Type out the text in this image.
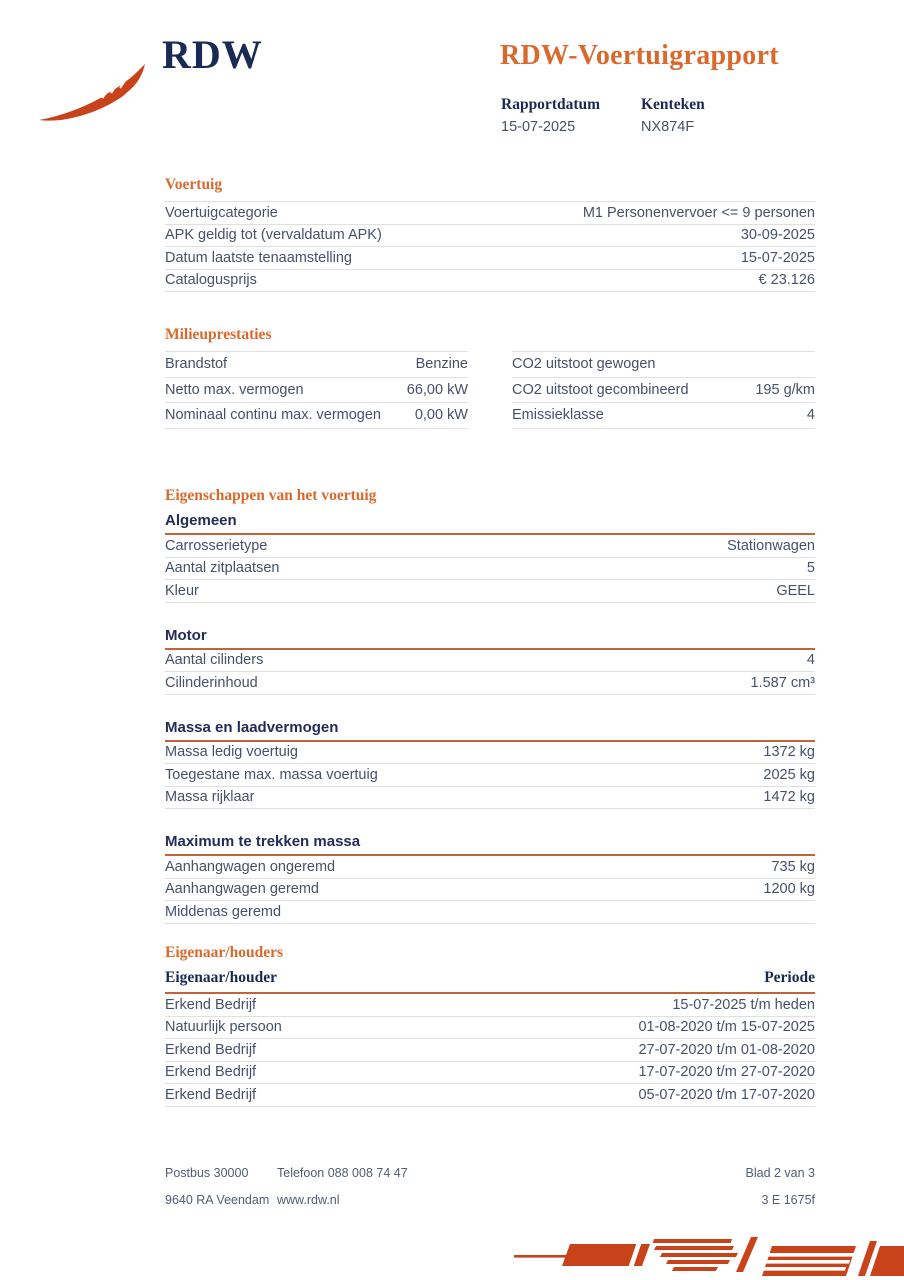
RDW	RDW-Voertuigrapport
Rapportdatum
15-07-2025
Kenteken
NX874F
Voertuig
Voertuigcategorie	M1 Personenvervoer <= 9 personen
APK geldig tot (vervaldatum APK)	30-09-2025
Datum laatste tenaamstelling	15-07-2025
Catalogusprijs	€ 23.126
Milieuprestaties
Brandstof	Benzine
Netto max. vermogen	66,00 kW
Nominaal continu max. vermogen 0,00 kW
CO2 uitstoot gewogen
CO2 uitstoot gecombineerd	195 g/km
Emissieklasse	4
Eigenschappen van het voertuig
Algemeen
Carrosserietype	Stationwagen
Aantal zitplaatsen	5
Kleur	GEEL
Motor
Aantal cilinders	4
Cilinderinhoud	1.587 cm³
Massa en laadvermogen
Massa ledig voertuig	1372 kg
Toegestane max. massa voertuig	2025 kg
Massa rijklaar	1472 kg
Maximum te trekken massa
Aanhangwagen ongeremd	735 kg
Aanhangwagen geremd	1200 kg
Middenas geremd
Eigenaar/houders
Eigenaar/houder	Periode
Erkend Bedrijf	15-07-2025 t/m heden
Natuurlijk persoon	01-08-2020 t/m 15-07-2025
Erkend Bedrijf	27-07-2020 t/m 01-08-2020
Erkend Bedrijf	17-07-2020 t/m 27-07-2020
Erkend Bedrijf	05-07-2020 t/m 17-07-2020
Postbus 30000	Telefoon 088 008 74 47	Blad 2 van 3
9640 RA Veendam www.rdw.nl	3 E 1675f
